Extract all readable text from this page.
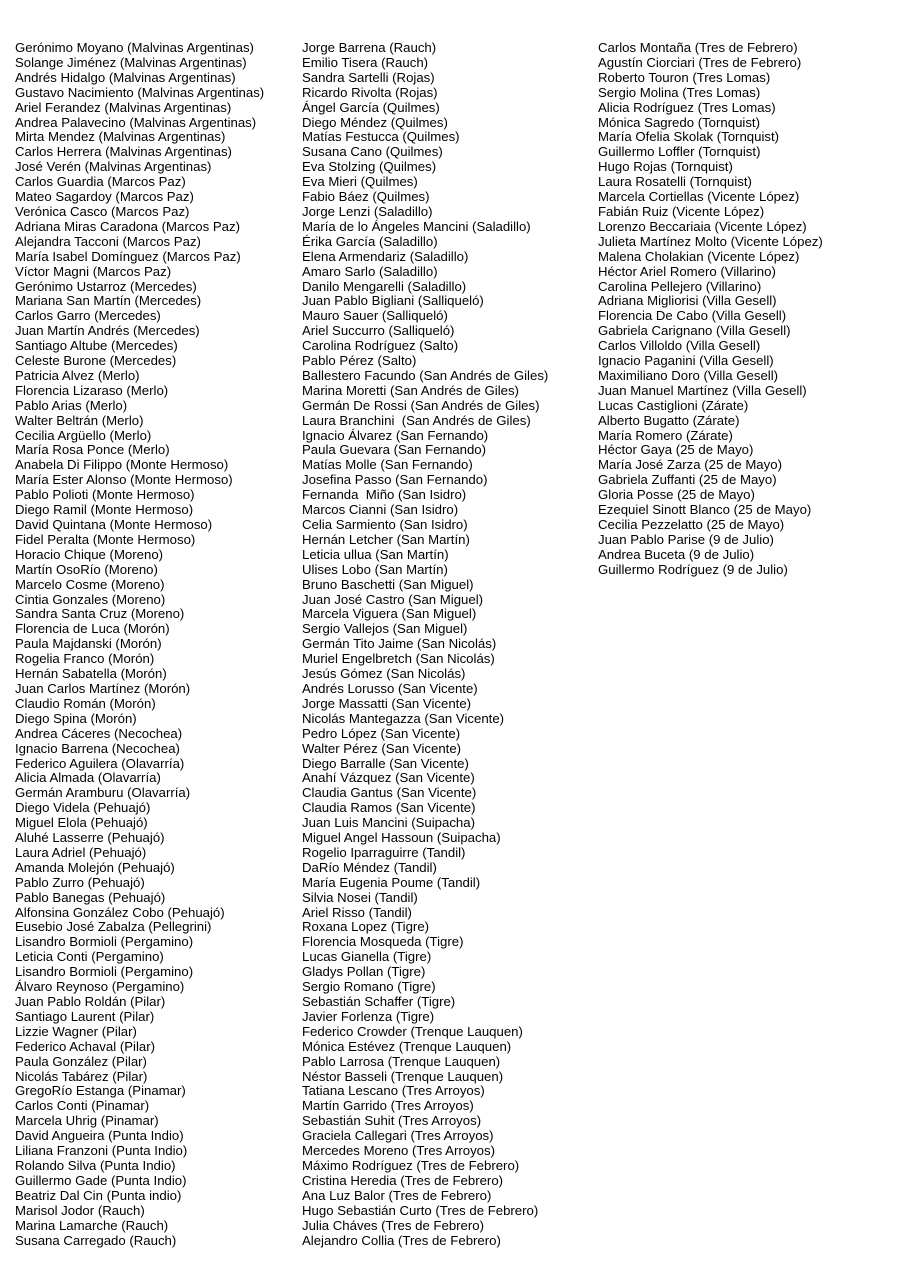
Gerónimo Moyano (Malvinas Argentinas)
Solange Jiménez (Malvinas Argentinas)
Andrés Hidalgo (Malvinas Argentinas)
Gustavo Nacimiento (Malvinas Argentinas)
Ariel Ferandez (Malvinas Argentinas)
Andrea Palavecino (Malvinas Argentinas)
Mirta Mendez (Malvinas Argentinas)
Carlos Herrera (Malvinas Argentinas)
José Verén (Malvinas Argentinas)
Carlos Guardia (Marcos Paz)
Mateo Sagardoy (Marcos Paz)
Verónica Casco (Marcos Paz)
Adriana Miras Caradona (Marcos Paz)
Alejandra Tacconi (Marcos Paz)
María Isabel Domínguez (Marcos Paz)
Víctor Magni (Marcos Paz)
Gerónimo Ustarroz (Mercedes)
Mariana San Martín (Mercedes)
Carlos Garro (Mercedes)
Juan Martín Andrés (Mercedes)
Santiago Altube (Mercedes)
Celeste Burone (Mercedes)
Patricia Alvez (Merlo)
Florencia Lizaraso (Merlo)
Pablo Arias (Merlo)
Walter Beltrán (Merlo)
Cecilia Argüello (Merlo)
María Rosa Ponce (Merlo)
Anabela Di Filippo (Monte Hermoso)
María Ester Alonso (Monte Hermoso)
Pablo Polioti (Monte Hermoso)
Diego Ramil (Monte Hermoso)
David Quintana (Monte Hermoso)
Fidel Peralta (Monte Hermoso)
Horacio Chique (Moreno)
Martín OsoRío (Moreno)
Marcelo Cosme (Moreno)
Cintia Gonzales (Moreno)
Sandra Santa Cruz (Moreno)
Florencia de Luca (Morón)
Paula Majdanski (Morón)
Rogelia Franco (Morón)
Hernán Sabatella (Morón)
Juan Carlos Martínez (Morón)
Claudio Román (Morón)
Diego Spina (Morón)
Andrea Cáceres (Necochea)
Ignacio Barrena (Necochea)
Federico Aguilera (Olavarría)
Alicia Almada (Olavarría)
Germán Aramburu (Olavarría)
Diego Videla (Pehuajó)
Miguel Elola (Pehuajó)
Aluhé Lasserre (Pehuajó)
Laura Adriel (Pehuajó)
Amanda Molejón (Pehuajó)
Pablo Zurro (Pehuajó)
Pablo Banegas (Pehuajó)
Alfonsina González Cobo (Pehuajó)
Eusebio José Zabalza (Pellegrini)
Lisandro Bormioli (Pergamino)
Leticia Conti (Pergamino)
Lisandro Bormioli (Pergamino)
Álvaro Reynoso (Pergamino)
Juan Pablo Roldán (Pilar)
Santiago Laurent (Pilar)
Lizzie Wagner (Pilar)
Federico Achaval (Pilar)
Paula González (Pilar)
Nicolás Tabárez (Pilar)
GregoRío Estanga (Pinamar)
Carlos Conti (Pinamar)
Marcela Uhrig (Pinamar)
David Angueira (Punta Indio)
Liliana Franzoni (Punta Indio)
Rolando Silva (Punta Indio)
Guillermo Gade (Punta Indio)
Beatriz Dal Cin (Punta indio)
Marisol Jodor (Rauch)
Marina Lamarche (Rauch)
Susana Carregado (Rauch)
Jorge Barrena (Rauch)
Emilio Tisera (Rauch)
Sandra Sartelli (Rojas)
Ricardo Rivolta (Rojas)
Ángel García (Quilmes)
Diego Méndez (Quilmes)
Matías Festucca (Quilmes)
Susana Cano (Quilmes)
Eva Stolzing (Quilmes)
Eva Mieri (Quilmes)
Fabio Báez (Quilmes)
Jorge Lenzi (Saladillo)
María de lo Ángeles Mancini (Saladillo)
Érika García (Saladillo)
Elena Armendariz (Saladillo)
Amaro Sarlo (Saladillo)
Danilo Mengarelli (Saladillo)
Juan Pablo Bigliani (Salliqueló)
Mauro Sauer (Salliqueló)
Ariel Succurro (Salliqueló)
Carolina Rodríguez (Salto)
Pablo Pérez (Salto)
Ballestero Facundo (San Andrés de Giles)
Marina Moretti (San Andrés de Giles)
Germán De Rossi (San Andrés de Giles)
Laura Branchini  (San Andrés de Giles)
Ignacio Álvarez (San Fernando)
Paula Guevara (San Fernando)
Matías Molle (San Fernando)
Josefina Passo (San Fernando)
Fernanda  Miño (San Isidro)
Marcos Cianni (San Isidro)
Celia Sarmiento (San Isidro)
Hernán Letcher (San Martín)
Leticia ullua (San Martín)
Ulises Lobo (San Martín)
Bruno Baschetti (San Miguel)
Juan José Castro (San Miguel)
Marcela Viguera (San Miguel)
Sergio Vallejos (San Miguel)
Germán Tito Jaime (San Nicolás)
Muriel Engelbretch (San Nicolás)
Jesús Gómez (San Nicolás)
Andrés Lorusso (San Vicente)
Jorge Massatti (San Vicente)
Nicolás Mantegazza (San Vicente)
Pedro López (San Vicente)
Walter Pérez (San Vicente)
Diego Barralle (San Vicente)
Anahí Vázquez (San Vicente)
Claudia Gantus (San Vicente)
Claudia Ramos (San Vicente)
Juan Luis Mancini (Suipacha)
Miguel Angel Hassoun (Suipacha)
Rogelio Iparraguirre (Tandil)
DaRío Méndez (Tandil)
María Eugenia Poume (Tandil)
Silvia Nosei (Tandil)
Ariel Risso (Tandil)
Roxana Lopez (Tigre)
Florencia Mosqueda (Tigre)
Lucas Gianella (Tigre)
Gladys Pollan (Tigre)
Sergio Romano (Tigre)
Sebastián Schaffer (Tigre)
Javier Forlenza (Tigre)
Federico Crowder (Trenque Lauquen)
Mónica Estévez (Trenque Lauquen)
Pablo Larrosa (Trenque Lauquen)
Néstor Basseli (Trenque Lauquen)
Tatiana Lescano (Tres Arroyos)
Martín Garrido (Tres Arroyos)
Sebastián Suhit (Tres Arroyos)
Graciela Callegari (Tres Arroyos)
Mercedes Moreno (Tres Arroyos)
Máximo Rodríguez (Tres de Febrero)
Cristina Heredia (Tres de Febrero)
Ana Luz Balor (Tres de Febrero)
Hugo Sebastián Curto (Tres de Febrero)
Julia Cháves (Tres de Febrero)
Alejandro Collia (Tres de Febrero)
Carlos Montaña (Tres de Febrero)
Agustín Ciorciari (Tres de Febrero)
Roberto Touron (Tres Lomas)
Sergio Molina (Tres Lomas)
Alicia Rodríguez (Tres Lomas)
Mónica Sagredo (Tornquist)
María Ofelia Skolak (Tornquist)
Guillermo Loffler (Tornquist)
Hugo Rojas (Tornquist)
Laura Rosatelli (Tornquist)
Marcela Cortiellas (Vicente López)
Fabián Ruiz (Vicente López)
Lorenzo Beccariaia (Vicente López)
Julieta Martínez Molto (Vicente López)
Malena Cholakian (Vicente López)
Héctor Ariel Romero (Villarino)
Carolina Pellejero (Villarino)
Adriana Migliorisi (Villa Gesell)
Florencia De Cabo (Villa Gesell)
Gabriela Carignano (Villa Gesell)
Carlos Villoldo (Villa Gesell)
Ignacio Paganini (Villa Gesell)
Maximiliano Doro (Villa Gesell)
Juan Manuel Martínez (Villa Gesell)
Lucas Castiglioni (Zárate)
Alberto Bugatto (Zárate)
María Romero (Zárate)
Héctor Gaya (25 de Mayo)
María José Zarza (25 de Mayo)
Gabriela Zuffanti (25 de Mayo)
Gloria Posse (25 de Mayo)
Ezequiel Sinott Blanco (25 de Mayo)
Cecilia Pezzelatto (25 de Mayo)
Juan Pablo Parise (9 de Julio)
Andrea Buceta (9 de Julio)
Guillermo Rodríguez (9 de Julio)
